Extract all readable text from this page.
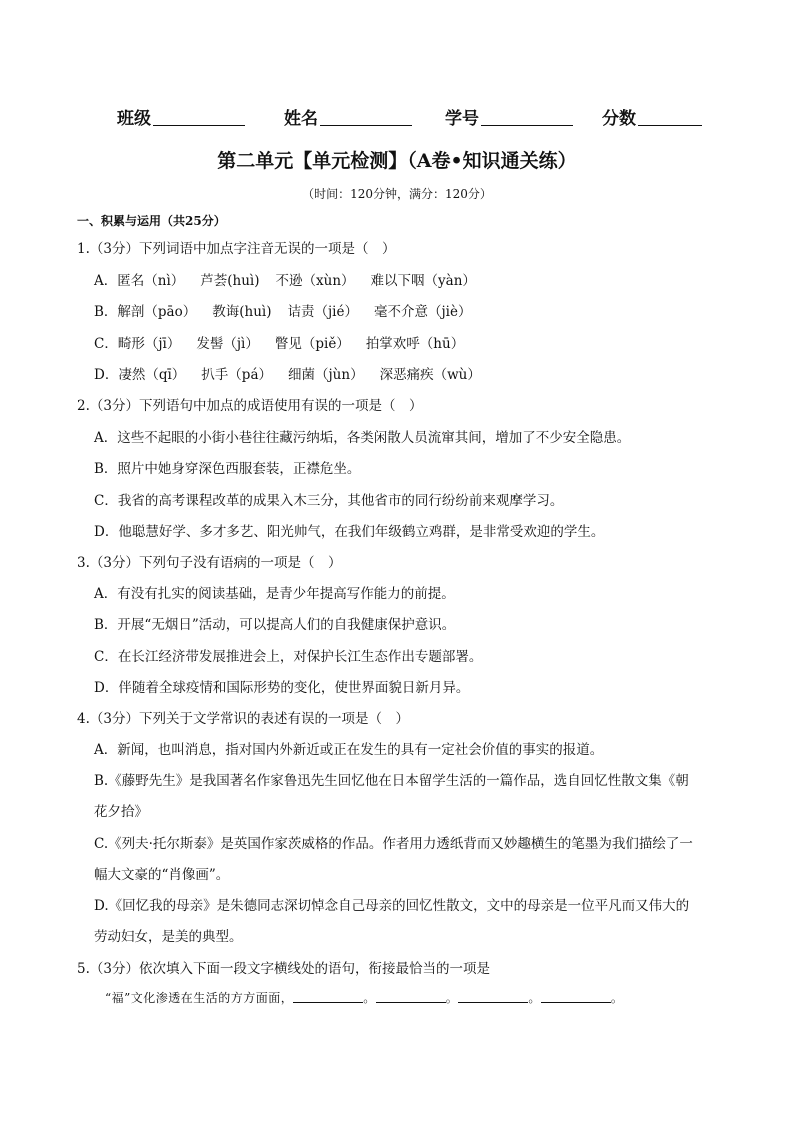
班级	姓名	学号	分数
第二单元【单元检测】（A卷•知识通关练）
（时间：120分钟，满分：120分）
一、积累与运用（共25分）
1.（3分）下列词语中加点字注音无误的一项是（　）
A．匿名（nì） 芦荟(huì) 不逊（xùn） 难以下咽（yàn）
B．解剖（pāo） 教诲(huì) 诘责（jié） 毫不介意（jiè）
C．畸形（jī） 发髻（jì） 瞥见（piě） 拍掌欢呼（hū）
D．凄然（qī） 扒手（pá） 细菌（jùn） 深恶痛疾（wù）
2.（3分）下列语句中加点的成语使用有误的一项是（　）
A．这些不起眼的小街小巷往往藏污纳垢，各类闲散人员流窜其间，增加了不少安全隐患。
B．照片中她身穿深色西服套装，正襟危坐。
C．我省的高考课程改革的成果入木三分，其他省市的同行纷纷前来观摩学习。
D．他聪慧好学、多才多艺、阳光帅气，在我们年级鹤立鸡群，是非常受欢迎的学生。
3.（3分）下列句子没有语病的一项是（　）
A．有没有扎实的阅读基础，是青少年提高写作能力的前提。
B．开展“无烟日”活动，可以提高人们的自我健康保护意识。
C．在长江经济带发展推进会上，对保护长江生态作出专题部署。
D．伴随着全球疫情和国际形势的变化，使世界面貌日新月异。
4.（3分）下列关于文学常识的表述有误的一项是（　）
A．新闻，也叫消息，指对国内外新近或正在发生的具有一定社会价值的事实的报道。
B.《藤野先生》是我国著名作家鲁迅先生回忆他在日本留学生活的一篇作品，选自回忆性散文集《朝
花夕拾》
C.《列夫·托尔斯泰》是英国作家茨威格的作品。作者用力透纸背而又妙趣横生的笔墨为我们描绘了一
幅大文豪的“肖像画”。
D.《回忆我的母亲》是朱德同志深切悼念自己母亲的回忆性散文，文中的母亲是一位平凡而又伟大的
劳动妇女，是美的典型。
5.（3分）依次填入下面一段文字横线处的语句，衔接最恰当的一项是
“福”文化渗透在生活的方方面面，	。	。	。	。
